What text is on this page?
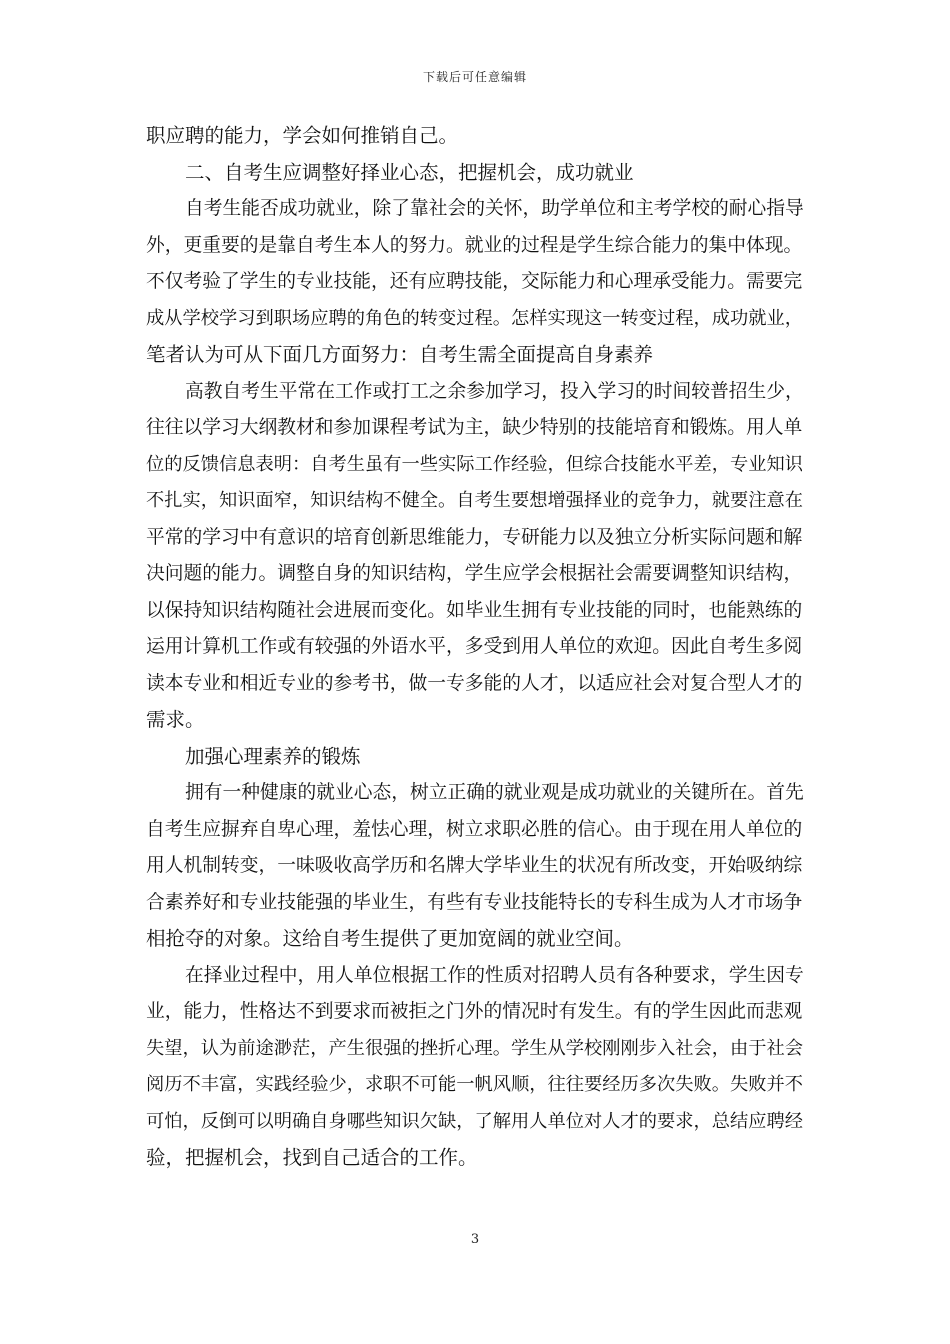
下载后可任意编辑
职应聘的能力，学会如何推销自己。
二、自考生应调整好择业心态，把握机会，成功就业
自考生能否成功就业，除了靠社会的关怀，助学单位和主考学校的耐心指导
外，更重要的是靠自考生本人的努力。就业的过程是学生综合能力的集中体现。
不仅考验了学生的专业技能，还有应聘技能，交际能力和心理承受能力。需要完
成从学校学习到职场应聘的角色的转变过程。怎样实现这一转变过程，成功就业，
笔者认为可从下面几方面努力：自考生需全面提高自身素养
高教自考生平常在工作或打工之余参加学习，投入学习的时间较普招生少，
往往以学习大纲教材和参加课程考试为主，缺少特别的技能培育和锻炼。用人单
位的反馈信息表明：自考生虽有一些实际工作经验，但综合技能水平差，专业知识
不扎实，知识面窄，知识结构不健全。自考生要想增强择业的竞争力，就要注意在
平常的学习中有意识的培育创新思维能力，专研能力以及独立分析实际问题和解
决问题的能力。调整自身的知识结构，学生应学会根据社会需要调整知识结构，
以保持知识结构随社会进展而变化。如毕业生拥有专业技能的同时，也能熟练的
运用计算机工作或有较强的外语水平，多受到用人单位的欢迎。因此自考生多阅
读本专业和相近专业的参考书，做一专多能的人才，以适应社会对复合型人才的
需求。
加强心理素养的锻炼
拥有一种健康的就业心态，树立正确的就业观是成功就业的关键所在。首先
自考生应摒弃自卑心理，羞怯心理，树立求职必胜的信心。由于现在用人单位的
用人机制转变，一味吸收高学历和名牌大学毕业生的状况有所改变，开始吸纳综
合素养好和专业技能强的毕业生，有些有专业技能特长的专科生成为人才市场争
相抢夺的对象。这给自考生提供了更加宽阔的就业空间。
在择业过程中，用人单位根据工作的性质对招聘人员有各种要求，学生因专
业，能力，性格达不到要求而被拒之门外的情况时有发生。有的学生因此而悲观
失望，认为前途渺茫，产生很强的挫折心理。学生从学校刚刚步入社会，由于社会
阅历不丰富，实践经验少，求职不可能一帆风顺，往往要经历多次失败。失败并不
可怕，反倒可以明确自身哪些知识欠缺，了解用人单位对人才的要求，总结应聘经
验，把握机会，找到自己适合的工作。
3
